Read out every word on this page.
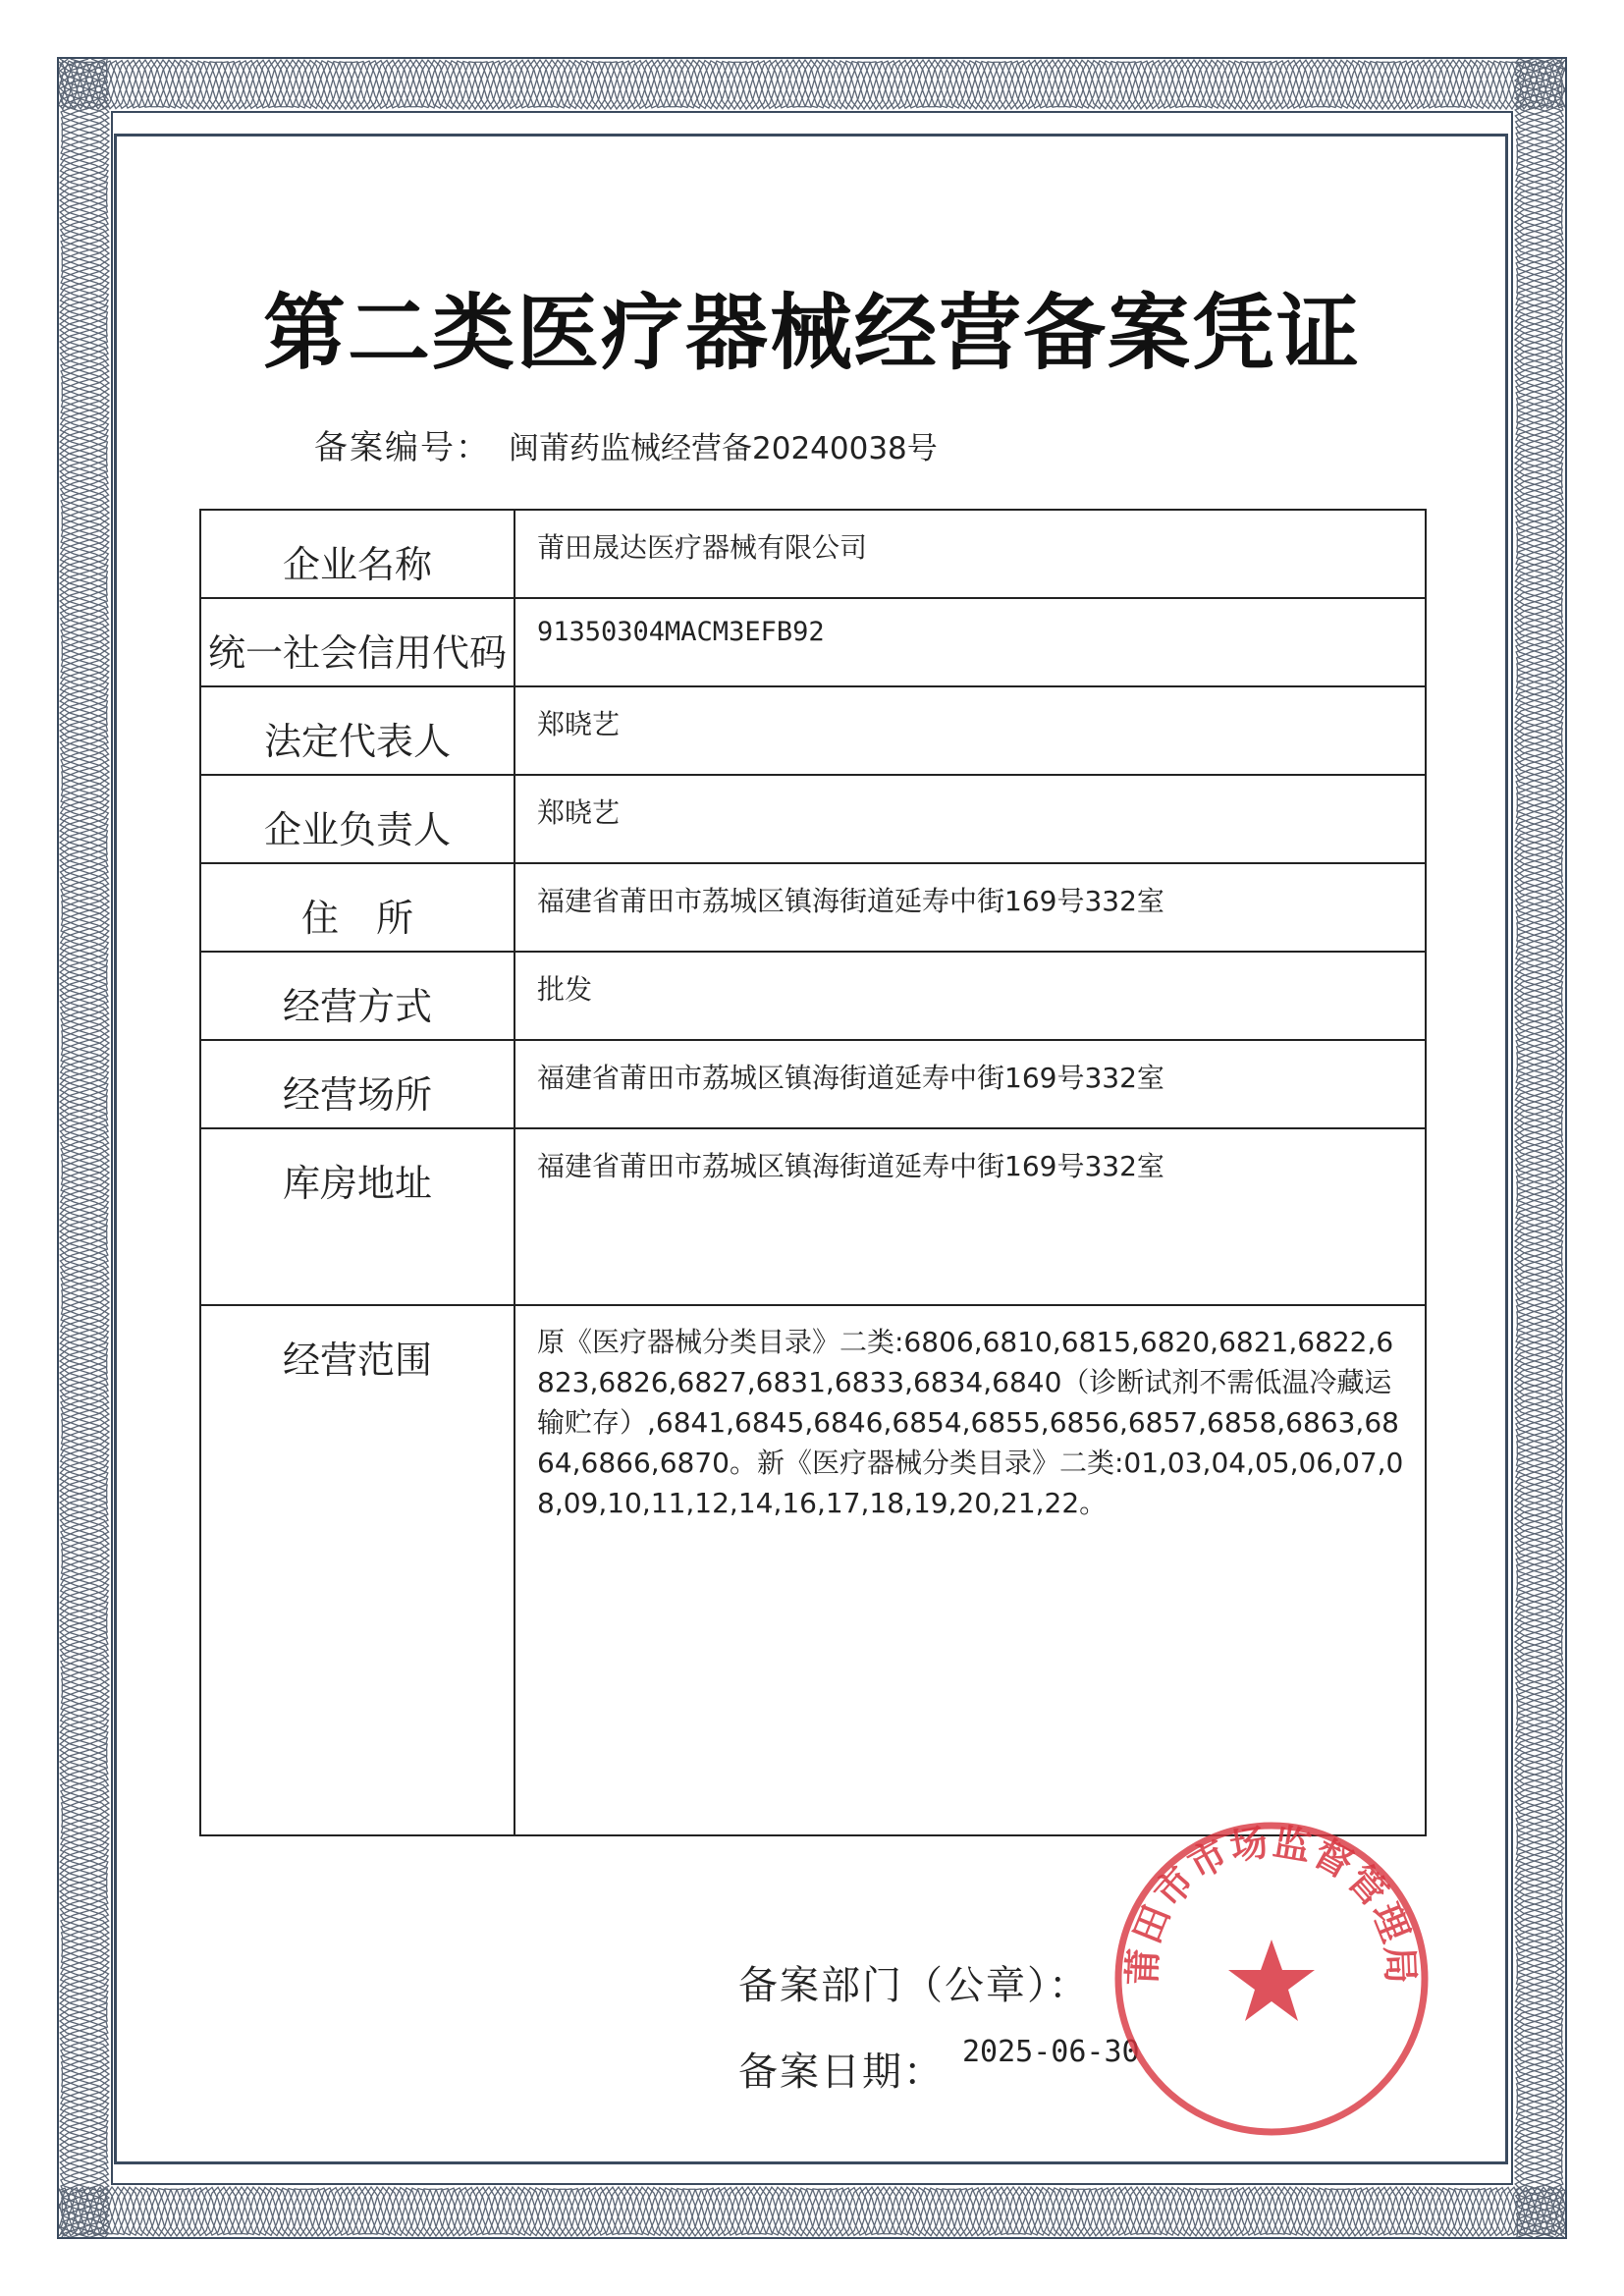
第二类医疗器械经营备案凭证
备案编号： 闽莆药监械经营备20240038号
企业名称	莆田晟达医疗器械有限公司

统一社会信用代码	91350304MACM3EFB92

法定代表人	郑晓艺

企业负责人	郑晓艺

住　所	福建省莆田市荔城区镇海街道延寿中街169号332室

经营方式	批发

经营场所	福建省莆田市荔城区镇海街道延寿中街169号332室

库房地址	福建省莆田市荔城区镇海街道延寿中街169号332室

经营范围	原《医疗器械分类目录》二类:6806,6810,6815,6820,6821,6822,6823,6826,6827,6831,6833,6834,6840（诊断试剂不需低温冷藏运输贮存）,6841,6845,6846,6854,6855,6856,6857,6858,6863,6864,6866,6870。新《医疗器械分类目录》二类:01,03,04,05,06,07,08,09,10,11,12,14,16,17,18,19,20,21,22。
备案部门（公章）：
备案日期： 2025-06-30
莆田市市场监督管理局
